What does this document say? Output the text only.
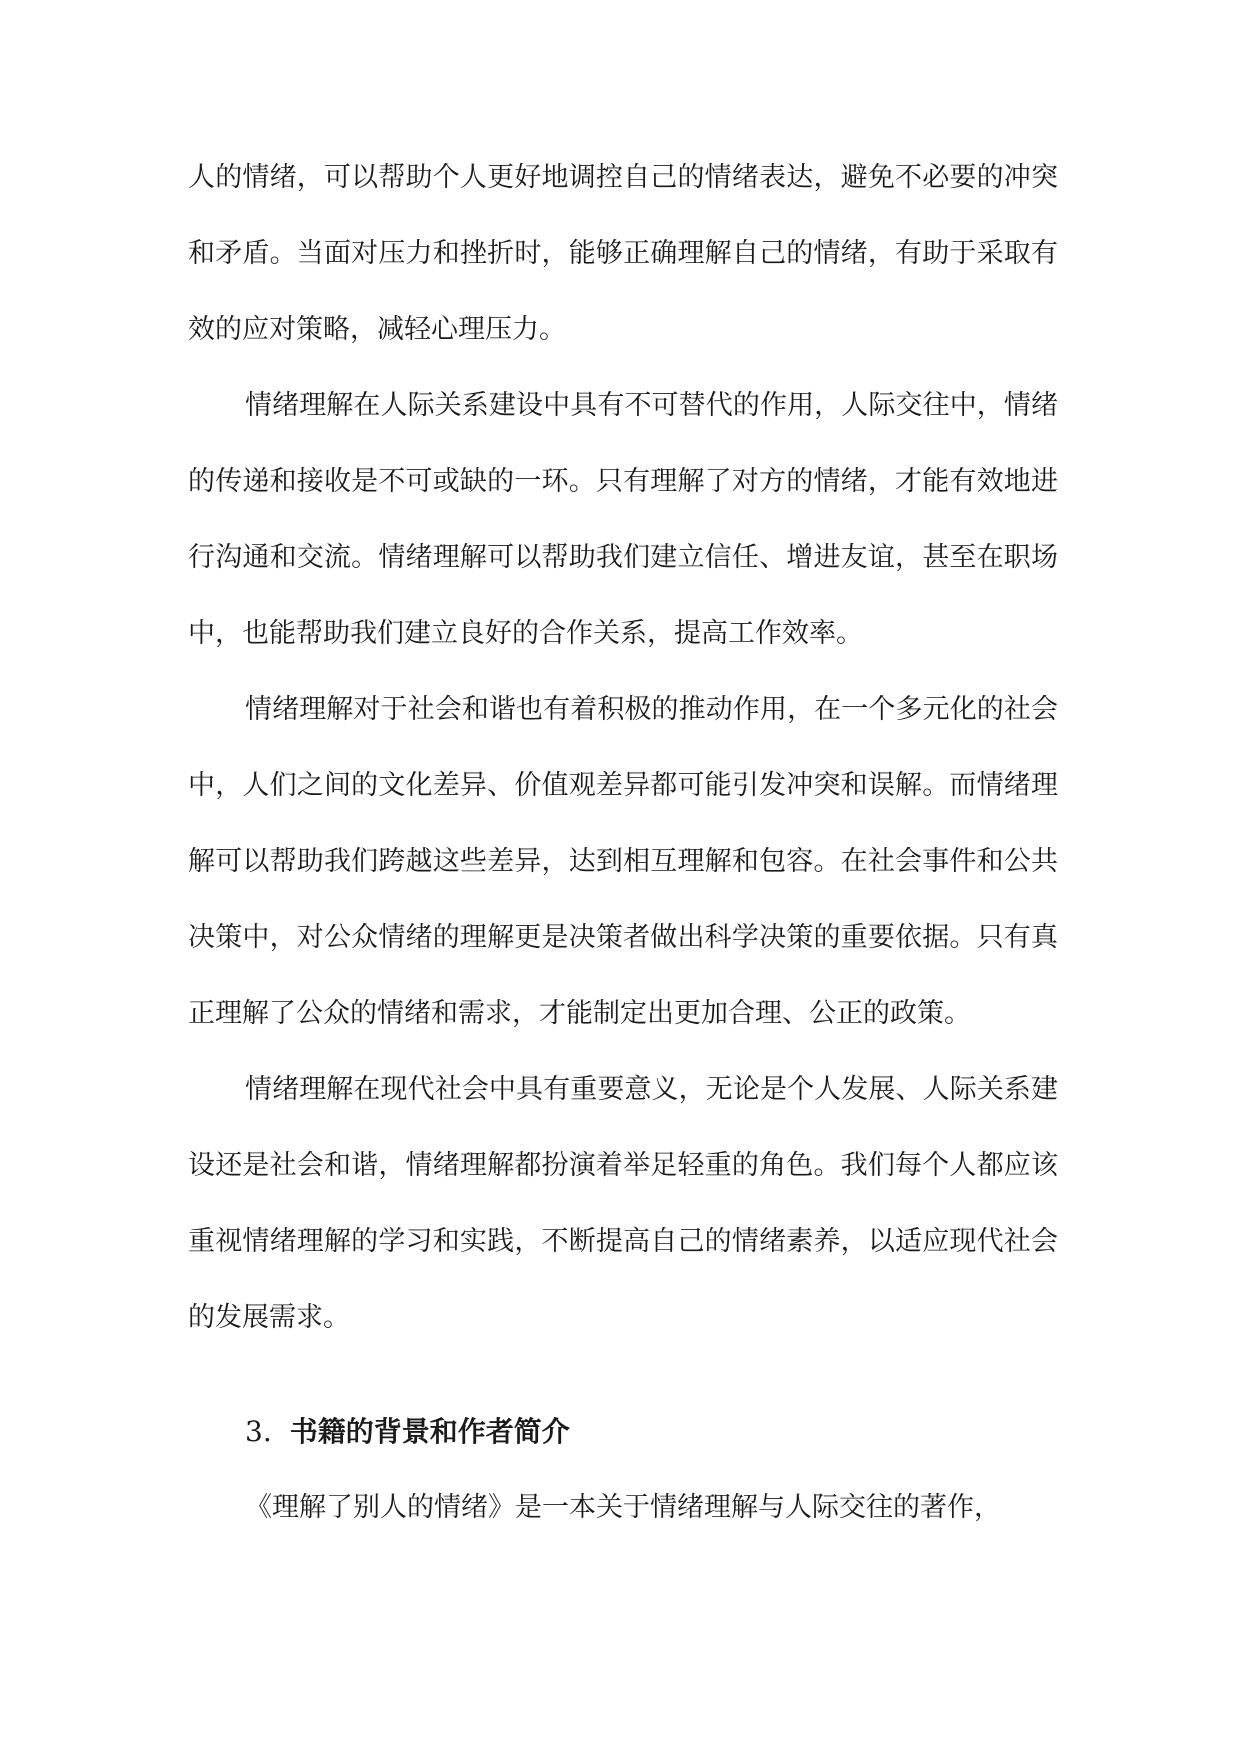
人的情绪，可以帮助个人更好地调控自己的情绪表达，避免不必要的冲突和矛盾。当面对压力和挫折时，能够正确理解自己的情绪，有助于采取有效的应对策略，减轻心理压力。

情绪理解在人际关系建设中具有不可替代的作用，人际交往中，情绪的传递和接收是不可或缺的一环。只有理解了对方的情绪，才能有效地进行沟通和交流。情绪理解可以帮助我们建立信任、增进友谊，甚至在职场中，也能帮助我们建立良好的合作关系，提高工作效率。

情绪理解对于社会和谐也有着积极的推动作用，在一个多元化的社会中，人们之间的文化差异、价值观差异都可能引发冲突和误解。而情绪理解可以帮助我们跨越这些差异，达到相互理解和包容。在社会事件和公共决策中，对公众情绪的理解更是决策者做出科学决策的重要依据。只有真正理解了公众的情绪和需求，才能制定出更加合理、公正的政策。

情绪理解在现代社会中具有重要意义，无论是个人发展、人际关系建设还是社会和谐，情绪理解都扮演着举足轻重的角色。我们每个人都应该重视情绪理解的学习和实践，不断提高自己的情绪素养，以适应现代社会的发展需求。

3. 书籍的背景和作者简介

《理解了别人的情绪》是一本关于情绪理解与人际交往的著作，
